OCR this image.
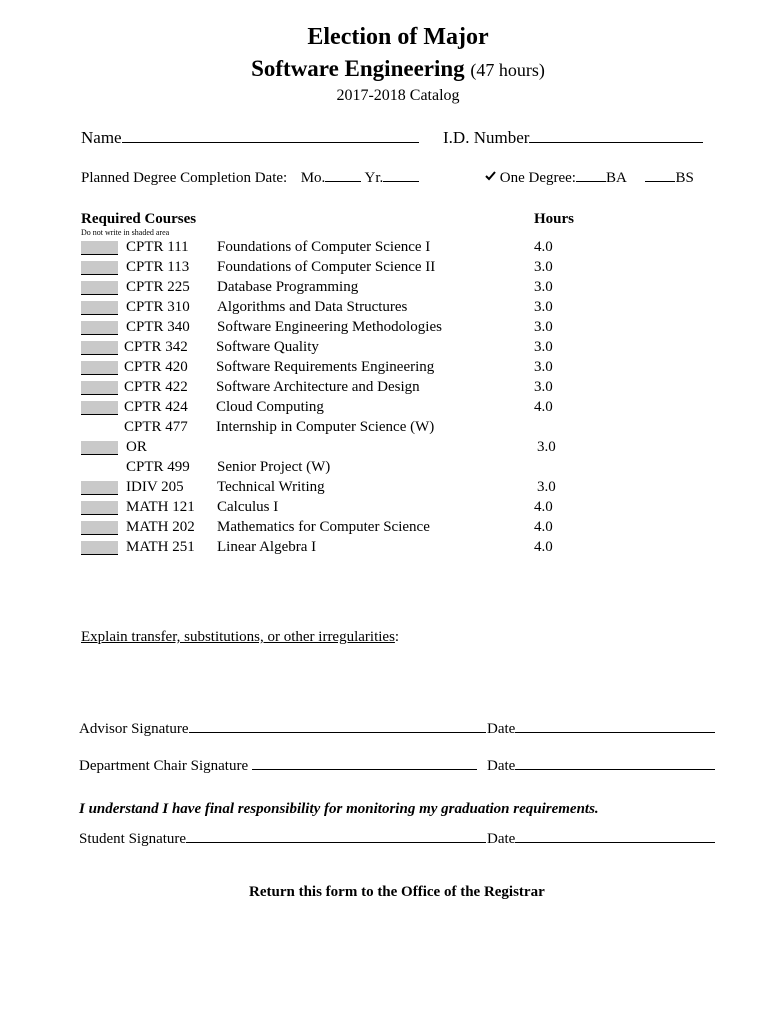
Election of Major
Software Engineering (47 hours)
2017-2018 Catalog
Name	I.D. Number
Planned Degree Completion Date: Mo.	Yr.	One Degree: BA	BS
Required Courses
Do not write in shaded area
Hours
CPTR 111 Foundations of Computer Science I	4.0
CPTR 113 Foundations of Computer Science II	3.0
CPTR 225 Database Programming	3.0
CPTR 310 Algorithms and Data Structures	3.0
CPTR 340 Software Engineering Methodologies	3.0
CPTR 342 Software Quality	3.0
CPTR 420 Software Requirements Engineering	3.0
CPTR 422 Software Architecture and Design	3.0
CPTR 424 Cloud Computing	4.0
CPTR 477 Internship in Computer Science (W)
OR	3.0
CPTR 499 Senior Project (W)
IDIV 205 Technical Writing	3.0
MATH 121 Calculus I	4.0
MATH 202 Mathematics for Computer Science	4.0
MATH 251 Linear Algebra I	4.0
Explain transfer, substitutions, or other irregularities:
Advisor Signature	Date
Department Chair Signature	Date
I understand I have final responsibility for monitoring my graduation requirements.
Student Signature	Date
Return this form to the Office of the Registrar
